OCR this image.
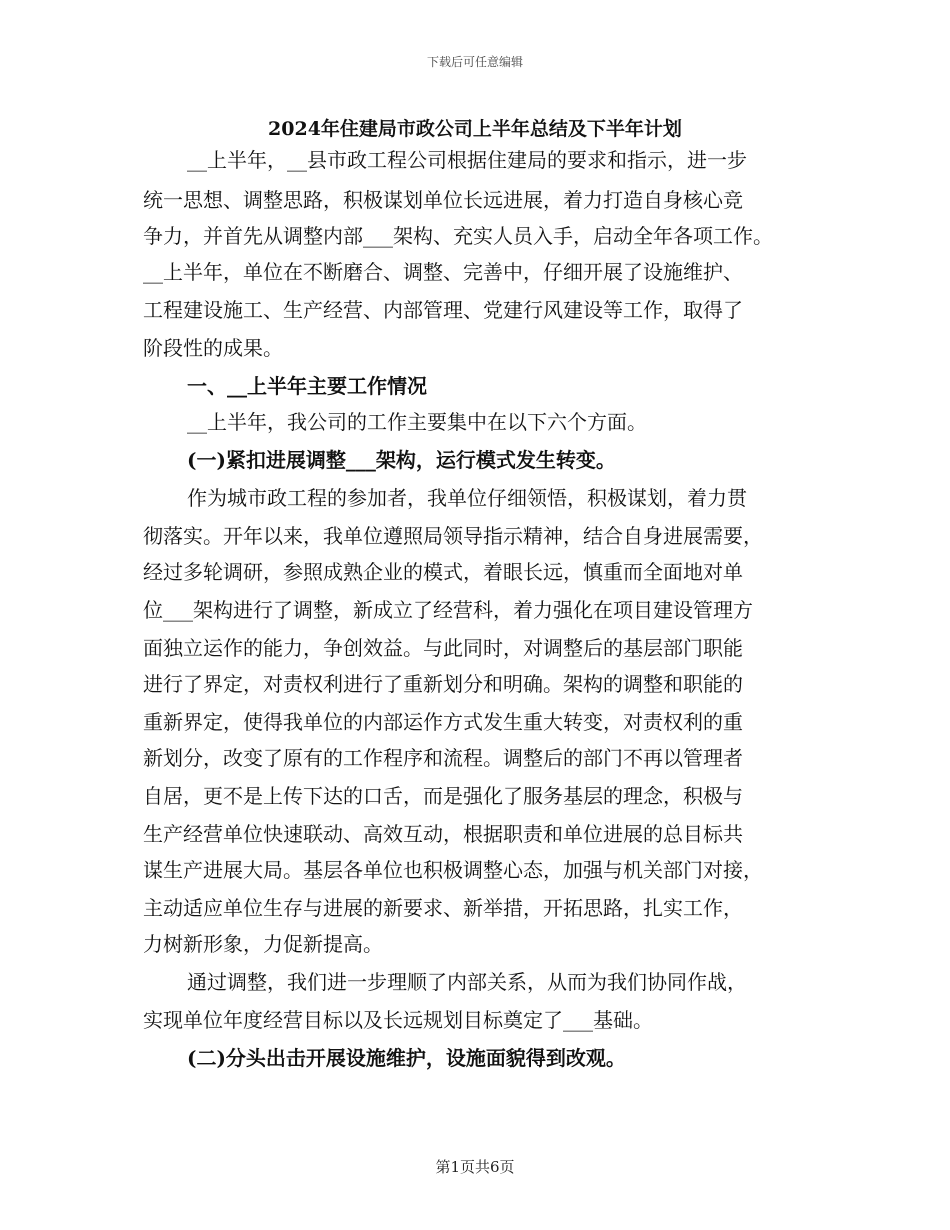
下载后可任意编辑
2024年住建局市政公司上半年总结及下半年计划

__上半年，__县市政工程公司根据住建局的要求和指示，进一步

统一思想、调整思路，积极谋划单位长远进展，着力打造自身核心竞

争力，并首先从调整内部___架构、充实人员入手，启动全年各项工作。

__上半年，单位在不断磨合、调整、完善中，仔细开展了设施维护、

工程建设施工、生产经营、内部管理、党建行风建设等工作，取得了

阶段性的成果。

一、__上半年主要工作情况

__上半年，我公司的工作主要集中在以下六个方面。

(一)紧扣进展调整___架构，运行模式发生转变。

作为城市政工程的参加者，我单位仔细领悟，积极谋划，着力贯

彻落实。开年以来，我单位遵照局领导指示精神，结合自身进展需要，

经过多轮调研，参照成熟企业的模式，着眼长远，慎重而全面地对单

位___架构进行了调整，新成立了经营科，着力强化在项目建设管理方

面独立运作的能力，争创效益。与此同时，对调整后的基层部门职能

进行了界定，对责权利进行了重新划分和明确。架构的调整和职能的

重新界定，使得我单位的内部运作方式发生重大转变，对责权利的重

新划分，改变了原有的工作程序和流程。调整后的部门不再以管理者

自居，更不是上传下达的口舌，而是强化了服务基层的理念，积极与

生产经营单位快速联动、高效互动，根据职责和单位进展的总目标共

谋生产进展大局。基层各单位也积极调整心态，加强与机关部门对接，

主动适应单位生存与进展的新要求、新举措，开拓思路，扎实工作，

力树新形象，力促新提高。

通过调整，我们进一步理顺了内部关系，从而为我们协同作战，

实现单位年度经营目标以及长远规划目标奠定了___基础。

(二)分头出击开展设施维护，设施面貌得到改观。

第1页共6页
